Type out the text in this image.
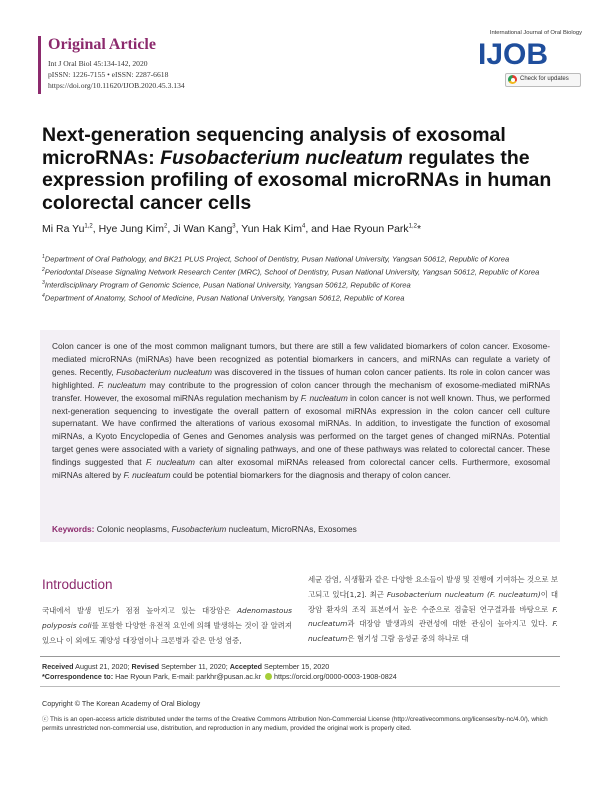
Original Article
Int J Oral Biol 45:134-142, 2020
pISSN: 1226-7155 • eISSN: 2287-6618
https://doi.org/10.11620/IJOB.2020.45.3.134
International Journal of Oral Biology
IJOB
Check for updates
Next-generation sequencing analysis of exosomal microRNAs: Fusobacterium nucleatum regulates the expression profiling of exosomal microRNAs in human colorectal cancer cells
Mi Ra Yu$^{1,2}$, Hye Jung Kim$^2$, Ji Wan Kang$^3$, Yun Hak Kim$^4$, and Hae Ryoun Park$^{1,2}$*
$^1$Department of Oral Pathology, and BK21 PLUS Project, School of Dentistry, Pusan National University, Yangsan 50612, Republic of Korea
$^2$Periodontal Disease Signaling Network Research Center (MRC), School of Dentistry, Pusan National University, Yangsan 50612, Republic of Korea
$^3$Interdisciplinary Program of Genomic Science, Pusan National University, Yangsan 50612, Republic of Korea
$^4$Department of Anatomy, School of Medicine, Pusan National University, Yangsan 50612, Republic of Korea
Colon cancer is one of the most common malignant tumors, but there are still a few validated biomarkers of colon cancer. Exosome-mediated microRNAs (miRNAs) have been recognized as potential biomarkers in cancers, and miRNAs can regulate a variety of genes. Recently, Fusobacterium nucleatum was discovered in the tissues of human colon cancer patients. Its role in colon cancer was highlighted. F. nucleatum may contribute to the progression of colon cancer through the mechanism of exosome-mediated miRNAs transfer. However, the exosomal miRNAs regulation mechanism by F. nucleatum in colon cancer is not well known. Thus, we performed next-generation sequencing to investigate the overall pattern of exosomal miRNAs expression in the colon cancer cell culture supernatant. We have confirmed the alterations of various exosomal miRNAs. In addition, to investigate the function of exosomal miRNAs, a Kyoto Encyclopedia of Genes and Genomes analysis was performed on the target genes of changed miRNAs. Potential target genes were associated with a variety of signaling pathways, and one of these pathways was related to colorectal cancer. These findings suggested that F. nucleatum can alter exosomal miRNAs released from colorectal cancer cells. Furthermore, exosomal miRNAs altered by F. nucleatum could be potential biomarkers for the diagnosis and therapy of colon cancer.
Keywords: Colonic neoplasms, Fusobacterium nucleatum, MicroRNAs, Exosomes
Introduction
국내에서 발생 빈도가 점점 높아지고 있는 대장암은 Adenomastous polyposis coli를 포함한 다양한 유전적 요인에 의해 발생하는 것이 잘 알려져 있으나 이 외에도 궤양성 대장염이나 크론병과 같은 만성 염증,
세균 감염, 식생활과 같은 다양한 요소들이 발생 및 진행에 기여하는 것으로 보고되고 있다[1,2]. 최근 Fusobacterium nucleatum (F. nucleatum)이 대장암 환자의 조직 표본에서 높은 수준으로 검출된 연구결과를 바탕으로 F. nucleatum과 대장암 발생과의 관련성에 대한 관심이 높아지고 있다. F. nucleatum은 혐기성 그람 음성균 중의 하나로 대
Received August 21, 2020; Revised September 11, 2020; Accepted September 15, 2020
*Correspondence to: Hae Ryoun Park, E-mail: parkhr@pusan.ac.kr https://orcid.org/0000-0003-1908-0824
Copyright © The Korean Academy of Oral Biology
ⓒ This is an open-access article distributed under the terms of the Creative Commons Attribution Non-Commercial License (http://creativecommons.org/licenses/by-nc/4.0/), which permits unrestricted non-commercial use, distribution, and reproduction in any medium, provided the original work is properly cited.
